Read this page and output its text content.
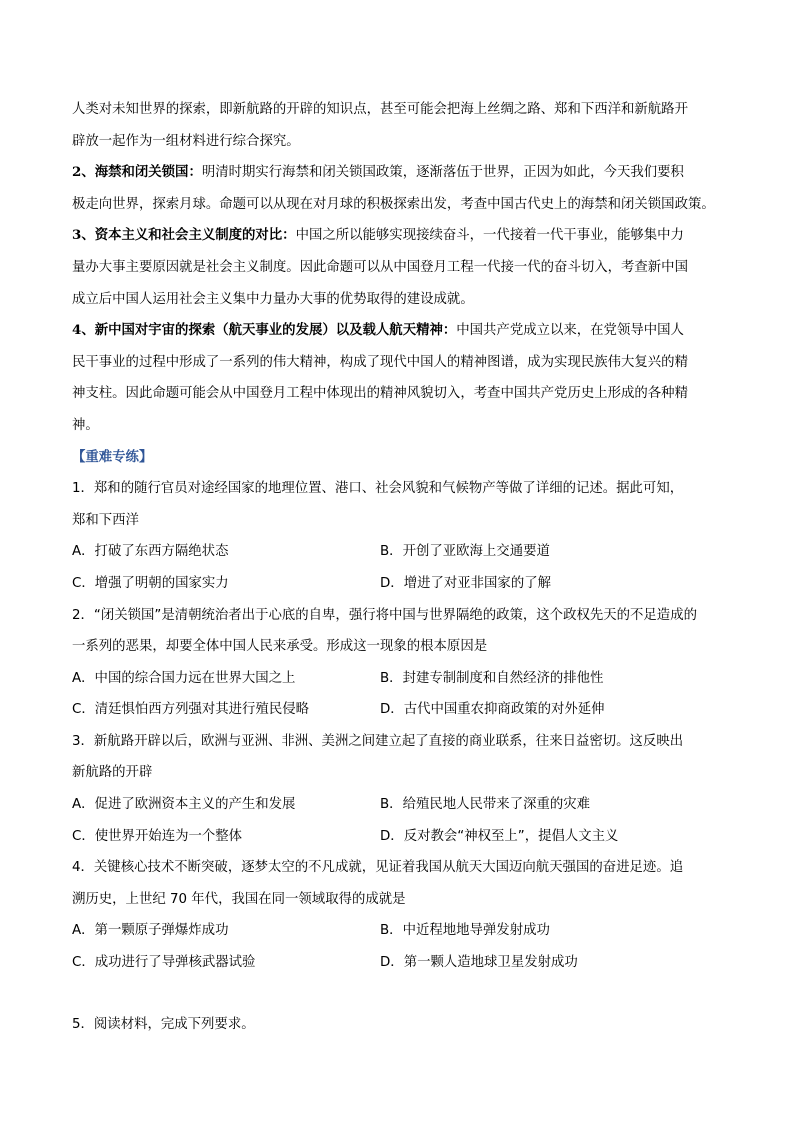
人类对未知世界的探索，即新航路的开辟的知识点，甚至可能会把海上丝绸之路、郑和下西洋和新航路开
辟放一起作为一组材料进行综合探究。
2、海禁和闭关锁国：明清时期实行海禁和闭关锁国政策，逐渐落伍于世界，正因为如此，今天我们要积
极走向世界，探索月球。命题可以从现在对月球的积极探索出发，考查中国古代史上的海禁和闭关锁国政策。
3、资本主义和社会主义制度的对比：中国之所以能够实现接续奋斗，一代接着一代干事业，能够集中力
量办大事主要原因就是社会主义制度。因此命题可以从中国登月工程一代接一代的奋斗切入，考查新中国
成立后中国人运用社会主义集中力量办大事的优势取得的建设成就。
4、新中国对宇宙的探索（航天事业的发展）以及载人航天精神：中国共产党成立以来，在党领导中国人
民干事业的过程中形成了一系列的伟大精神，构成了现代中国人的精神图谱，成为实现民族伟大复兴的精
神支柱。因此命题可能会从中国登月工程中体现出的精神风貌切入，考查中国共产党历史上形成的各种精
神。
【重难专练】
1．郑和的随行官员对途经国家的地理位置、港口、社会风貌和气候物产等做了详细的记述。据此可知，
郑和下西洋
A．打破了东西方隔绝状态	B．开创了亚欧海上交通要道
C．增强了明朝的国家实力	D．增进了对亚非国家的了解
2．“闭关锁国”是清朝统治者出于心底的自卑，强行将中国与世界隔绝的政策，这个政权先天的不足造成的
一系列的恶果，却要全体中国人民来承受。形成这一现象的根本原因是
A．中国的综合国力远在世界大国之上	B．封建专制制度和自然经济的排他性
C．清廷惧怕西方列强对其进行殖民侵略	D．古代中国重农抑商政策的对外延伸
3．新航路开辟以后，欧洲与亚洲、非洲、美洲之间建立起了直接的商业联系，往来日益密切。这反映出
新航路的开辟
A．促进了欧洲资本主义的产生和发展	B．给殖民地人民带来了深重的灾难
C．使世界开始连为一个整体	D．反对教会“神权至上”，提倡人文主义
4．关键核心技术不断突破，逐梦太空的不凡成就，见证着我国从航天大国迈向航天强国的奋进足迹。追
溯历史，上世纪 70 年代，我国在同一领域取得的成就是
A．第一颗原子弹爆炸成功	B．中近程地地导弹发射成功
C．成功进行了导弹核武器试验	D．第一颗人造地球卫星发射成功
5．阅读材料，完成下列要求。
